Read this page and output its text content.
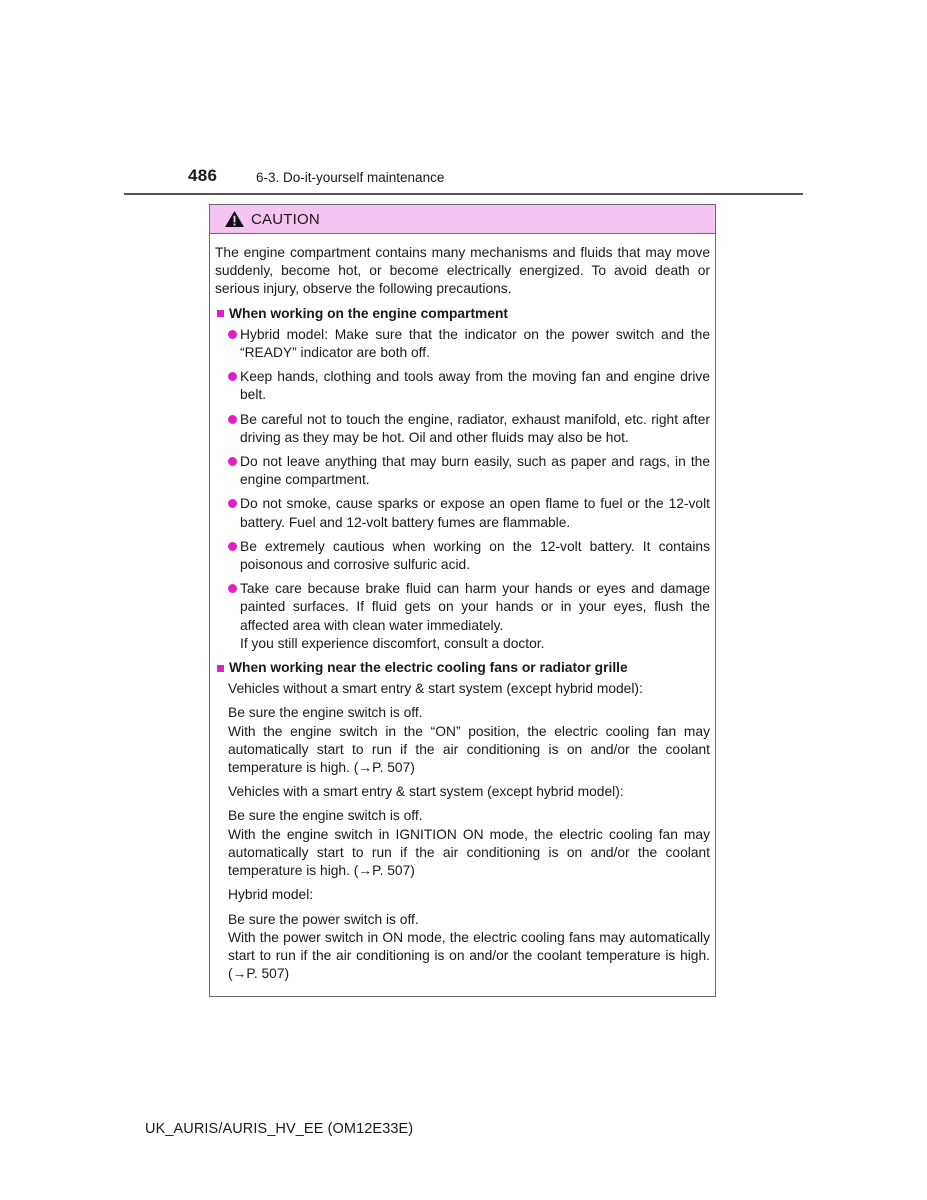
486	6-3. Do-it-yourself maintenance
CAUTION

The engine compartment contains many mechanisms and fluids that may move suddenly, become hot, or become electrically energized. To avoid death or serious injury, observe the following precautions.

When working on the engine compartment
Hybrid model: Make sure that the indicator on the power switch and the “READY” indicator are both off.
Keep hands, clothing and tools away from the moving fan and engine drive belt.
Be careful not to touch the engine, radiator, exhaust manifold, etc. right after driving as they may be hot. Oil and other fluids may also be hot.
Do not leave anything that may burn easily, such as paper and rags, in the engine compartment.
Do not smoke, cause sparks or expose an open flame to fuel or the 12-volt battery. Fuel and 12-volt battery fumes are flammable.
Be extremely cautious when working on the 12-volt battery. It contains poisonous and corrosive sulfuric acid.
Take care because brake fluid can harm your hands or eyes and damage painted surfaces. If fluid gets on your hands or in your eyes, flush the affected area with clean water immediately.
If you still experience discomfort, consult a doctor.
When working near the electric cooling fans or radiator grille
Vehicles without a smart entry & start system (except hybrid model):
Be sure the engine switch is off.
With the engine switch in the “ON” position, the electric cooling fan may automatically start to run if the air conditioning is on and/or the coolant temperature is high. (→P. 507)
Vehicles with a smart entry & start system (except hybrid model):
Be sure the engine switch is off.
With the engine switch in IGNITION ON mode, the electric cooling fan may automatically start to run if the air conditioning is on and/or the coolant temperature is high. (→P. 507)
Hybrid model:
Be sure the power switch is off.
With the power switch in ON mode, the electric cooling fans may automatically start to run if the air conditioning is on and/or the coolant temperature is high. (→P. 507)
UK_AURIS/AURIS_HV_EE (OM12E33E)
